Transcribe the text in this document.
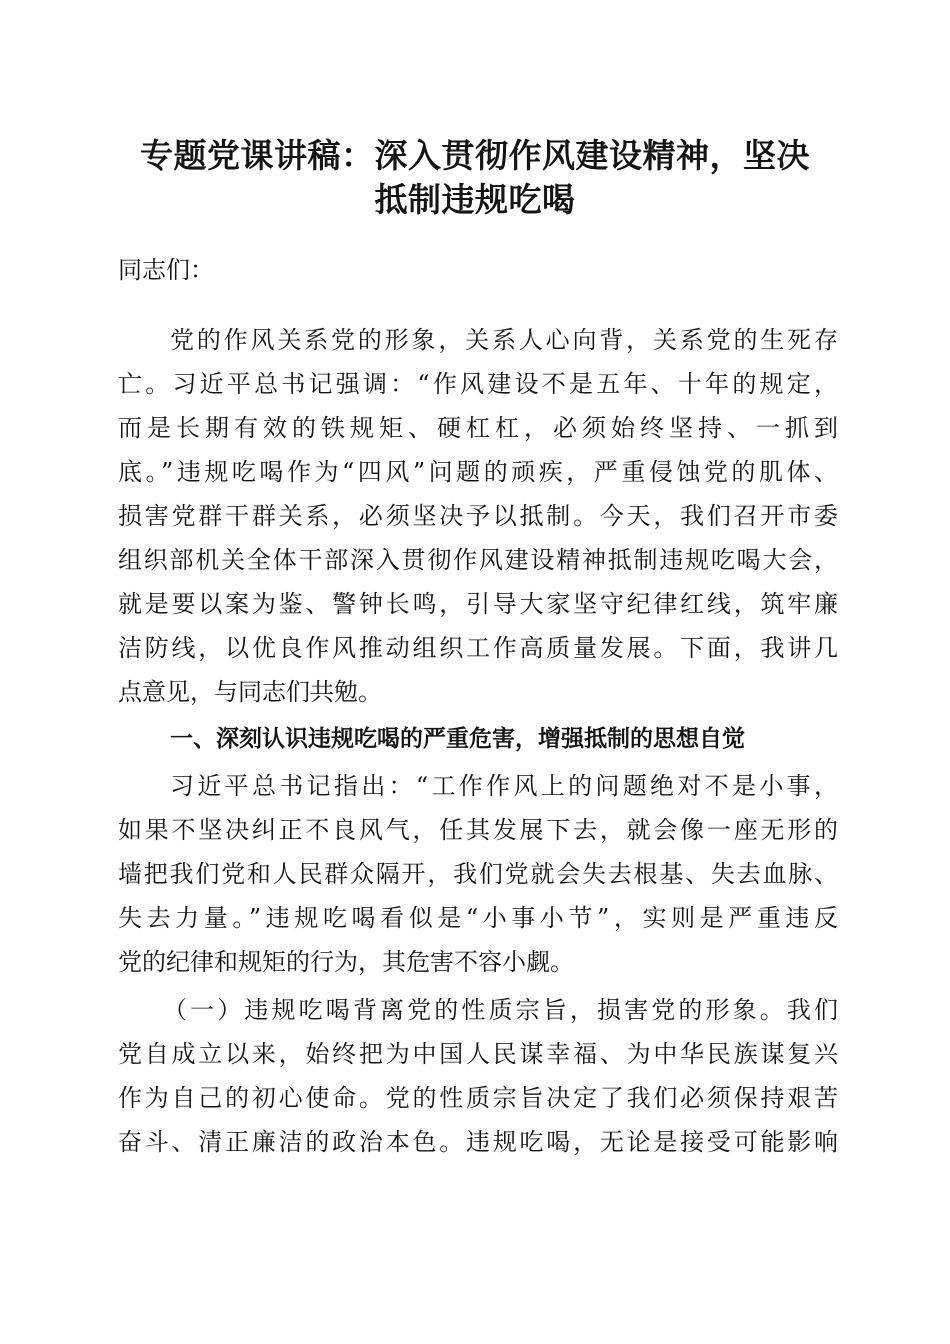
专题党课讲稿：深入贯彻作风建设精神，坚决
抵制违规吃喝
同志们：
党的作风关系党的形象，关系人心向背，关系党的生死存
亡。习近平总书记强调：“作风建设不是五年、十年的规定，
而是长期有效的铁规矩、硬杠杠，必须始终坚持、一抓到
底。”违规吃喝作为“四风”问题的顽疾，严重侵蚀党的肌体、
损害党群干群关系，必须坚决予以抵制。今天，我们召开市委
组织部机关全体干部深入贯彻作风建设精神抵制违规吃喝大会，
就是要以案为鉴、警钟长鸣，引导大家坚守纪律红线，筑牢廉
洁防线，以优良作风推动组织工作高质量发展。下面，我讲几
点意见，与同志们共勉。
一、深刻认识违规吃喝的严重危害，增强抵制的思想自觉
习近平总书记指出：“工作作风上的问题绝对不是小事，
如果不坚决纠正不良风气，任其发展下去，就会像一座无形的
墙把我们党和人民群众隔开，我们党就会失去根基、失去血脉、
失去力量。”违规吃喝看似是“小事小节”，实则是严重违反
党的纪律和规矩的行为，其危害不容小觑。
（一）违规吃喝背离党的性质宗旨，损害党的形象。我们
党自成立以来，始终把为中国人民谋幸福、为中华民族谋复兴
作为自己的初心使命。党的性质宗旨决定了我们必须保持艰苦
奋斗、清正廉洁的政治本色。违规吃喝，无论是接受可能影响
